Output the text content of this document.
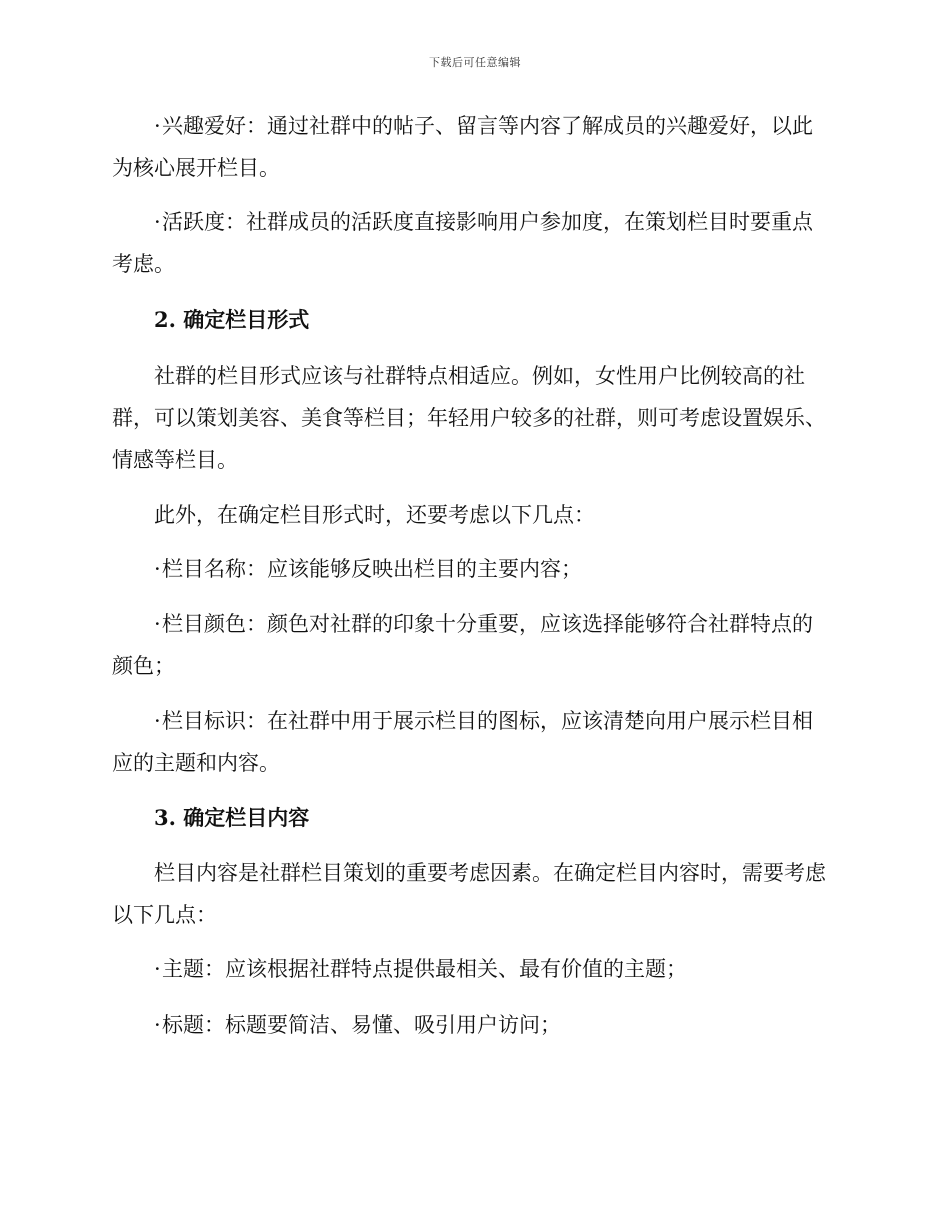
下载后可任意编辑

·兴趣爱好：通过社群中的帖子、留言等内容了解成员的兴趣爱好，以此为核心展开栏目。

·活跃度：社群成员的活跃度直接影响用户参加度，在策划栏目时要重点考虑。

2. 确定栏目形式

社群的栏目形式应该与社群特点相适应。例如，女性用户比例较高的社群，可以策划美容、美食等栏目；年轻用户较多的社群，则可考虑设置娱乐、情感等栏目。

此外，在确定栏目形式时，还要考虑以下几点：

·栏目名称：应该能够反映出栏目的主要内容；

·栏目颜色：颜色对社群的印象十分重要，应该选择能够符合社群特点的颜色；

·栏目标识：在社群中用于展示栏目的图标，应该清楚向用户展示栏目相应的主题和内容。

3. 确定栏目内容

栏目内容是社群栏目策划的重要考虑因素。在确定栏目内容时，需要考虑以下几点：

·主题：应该根据社群特点提供最相关、最有价值的主题；

·标题：标题要简洁、易懂、吸引用户访问；
